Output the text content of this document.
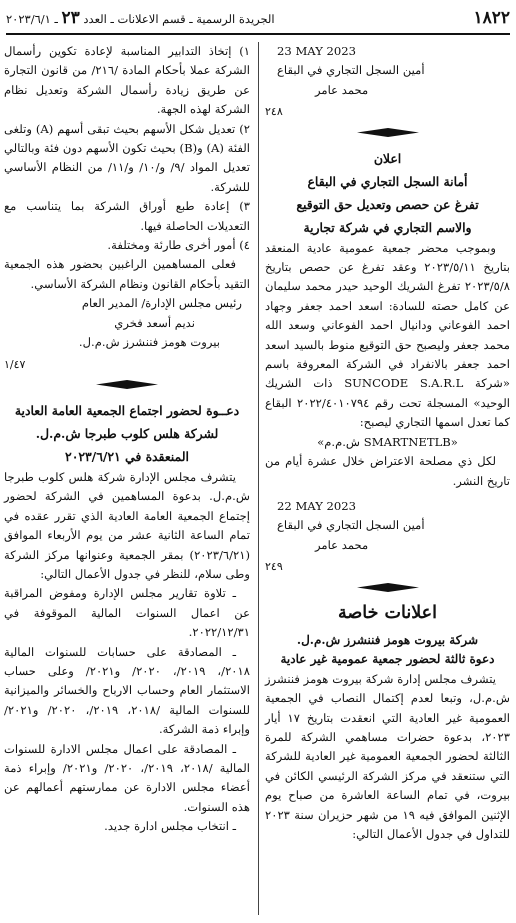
الجريدة الرسمية ـ قسم الاعلانات ـ العدد ٢٣ ـ ٢٠٢٣/٦/١	١٨٢٢

23 MAY 2023

أمين السجل التجاري في البقاع

محمد عامر

٢٤٨

اعلان

أمانة السجل التجاري في البقاع

تفرغ عن حصص وتعديل حق التوقيع

والاسم التجاري في شركة تجارية

وبموجب محضر جمعية عمومية عادية المنعقد بتاريخ ٢٠٢٣/٥/١١ وعقد تفرغ عن حصص بتاريخ ٢٠٢٣/٥/٨ تفرغ الشريك الوحيد حيدر محمد سليمان عن كامل حصته للسادة: اسعد احمد جعفر وجهاد احمد الفوعاني ودانيال احمد الفوعاني وسعد الله محمد جعفر وليصبح حق التوقيع منوط بالسيد اسعد احمد جعفر بالانفراد في الشركة المعروفة باسم «شركة SUNCODE S.A.R.L ذات الشريك الوحيد» المسجلة تحت رقم ٢٠٢٢/٤٠١٠٧٩٤ البقاع كما تعدل اسمها التجاري ليصبح:

«SMARTNETLB ش.م.م»

لكل ذي مصلحة الاعتراض خلال عشرة أيام من تاريخ النشر.

22 MAY 2023

أمين السجل التجاري في البقاع

محمد عامر

٢٤٩

اعلانات خاصة

شركة بيروت هومز فننشرز ش.م.ل.

دعوة ثالثة لحضور جمعية عمومية غير عادية

يتشرف مجلس إدارة شركة بيروت هومز فننشرز ش.م.ل، وتبعا لعدم إكتمال النصاب في الجمعية العمومية غير العادية التي انعقدت بتاريخ ١٧ أيار ٢٠٢٣، بدعوة حضرات مساهمي الشركة للمرة الثالثة لحضور الجمعية العمومية غير العادية للشركة التي ستنعقد في مركز الشركة الرئيسي الكائن في بيروت، في تمام الساعة العاشرة من صباح يوم الإثنين الموافق فيه ١٩ من شهر حزيران سنة ٢٠٢٣ للتداول في جدول الأعمال التالي:

١) إتخاذ التدابير المناسبة لإعادة تكوين رأسمال الشركة عملا بأحكام المادة /٢١٦/ من قانون التجارة عن طريق زيادة رأسمال الشركة وتعديل نظام الشركة لهذه الجهة.

٢) تعديل شكل الأسهم بحيث تبقى أسهم (A) وتلغى الفئة (A) و(B) بحيث تكون الأسهم دون فئة وبالتالي تعديل المواد /٩/ و/١٠/ و/١١/ من النظام الأساسي للشركة.

٣) إعادة طبع أوراق الشركة بما يتناسب مع التعديلات الحاصلة فيها.

٤) أمور أخرى طارئة ومختلفة.

فعلى المساهمين الراغبين بحضور هذه الجمعية التقيد بأحكام القانون ونظام الشركة الأساسي.

رئيس مجلس الإدارة/ المدير العام

نديم أسعد فخري

بيروت هومز فننشرز ش.م.ل.

١/٤٧

دعــوة لحضور اجتماع الجمعية العامة العادية

لشركة هلس كلوب طبرجا ش.م.ل.

المنعقدة في ٢٠٢٣/٦/٢١

يتشرف مجلس الإدارة شركة هلس كلوب طبرجا ش.م.ل. بدعوة المساهمين في الشركة لحضور إجتماع الجمعية العامة العادية الذي تقرر عقده في تمام الساعة الثانية عشر من يوم الأربعاء الموافق (٢٠٢٣/٦/٢١) بمقر الجمعية وعنوانها مركز الشركة وطى سلام، للنظر في جدول الأعمال التالي:

ـ تلاوة تقارير مجلس الإدارة ومفوض المراقبة عن اعمال السنوات المالية الموقوفة في ٢٠٢٢/١٢/٣١.

ـ المصادقة على حسابات للسنوات المالية ٢٠١٨/، ٢٠١٩/، ٢٠٢٠/ و٢٠٢١/ وعلى حساب الاستثمار العام وحساب الارباح والخسائر والميزانية للسنوات المالية /٢٠١٨، ٢٠١٩/، ٢٠٢٠/ و٢٠٢١/ وإبراء ذمة الشركة.

ـ المصادقة على اعمال مجلس الادارة للسنوات المالية /٢٠١٨، ٢٠١٩/، ٢٠٢٠/ و٢٠٢١/ وإبراء ذمة أعضاء مجلس الادارة عن ممارستهم أعمالهم عن هذه السنوات.

ـ انتخاب مجلس ادارة جديد.
